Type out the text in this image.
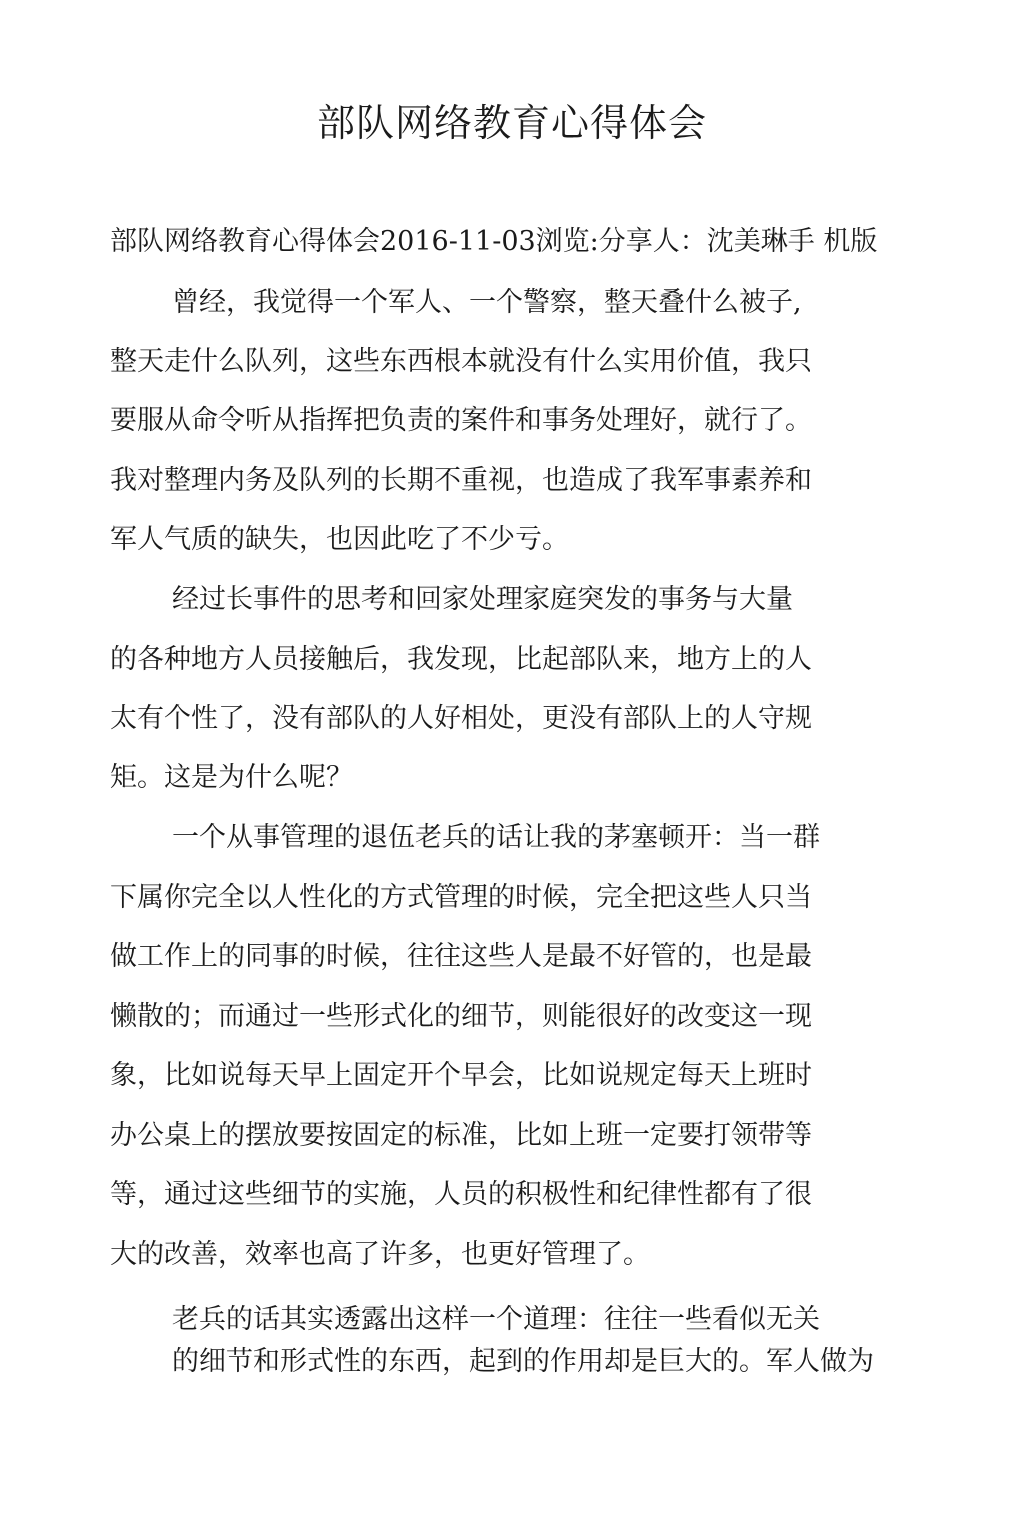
部队网络教育心得体会

部队网络教育心得体会2016-11-03浏览:分享人：沈美琳手 机版

曾经，我觉得一个军人、一个警察，整天叠什么被子,

整天走什么队列，这些东西根本就没有什么实用价值，我只

要服从命令听从指挥把负责的案件和事务处理好，就行了。

我对整理内务及队列的长期不重视，也造成了我军事素养和

军人气质的缺失，也因此吃了不少亏。

经过长事件的思考和回家处理家庭突发的事务与大量

的各种地方人员接触后，我发现，比起部队来，地方上的人

太有个性了，没有部队的人好相处，更没有部队上的人守规

矩。这是为什么呢？

一个从事管理的退伍老兵的话让我的茅塞顿开：当一群

下属你完全以人性化的方式管理的时候，完全把这些人只当

做工作上的同事的时候，往往这些人是最不好管的，也是最

懒散的；而通过一些形式化的细节，则能很好的改变这一现

象，比如说每天早上固定开个早会，比如说规定每天上班时

办公桌上的摆放要按固定的标准，比如上班一定要打领带等

等，通过这些细节的实施，人员的积极性和纪律性都有了很

大的改善，效率也高了许多，也更好管理了。

老兵的话其实透露出这样一个道理：往往一些看似无关

的细节和形式性的东西，起到的作用却是巨大的。军人做为
